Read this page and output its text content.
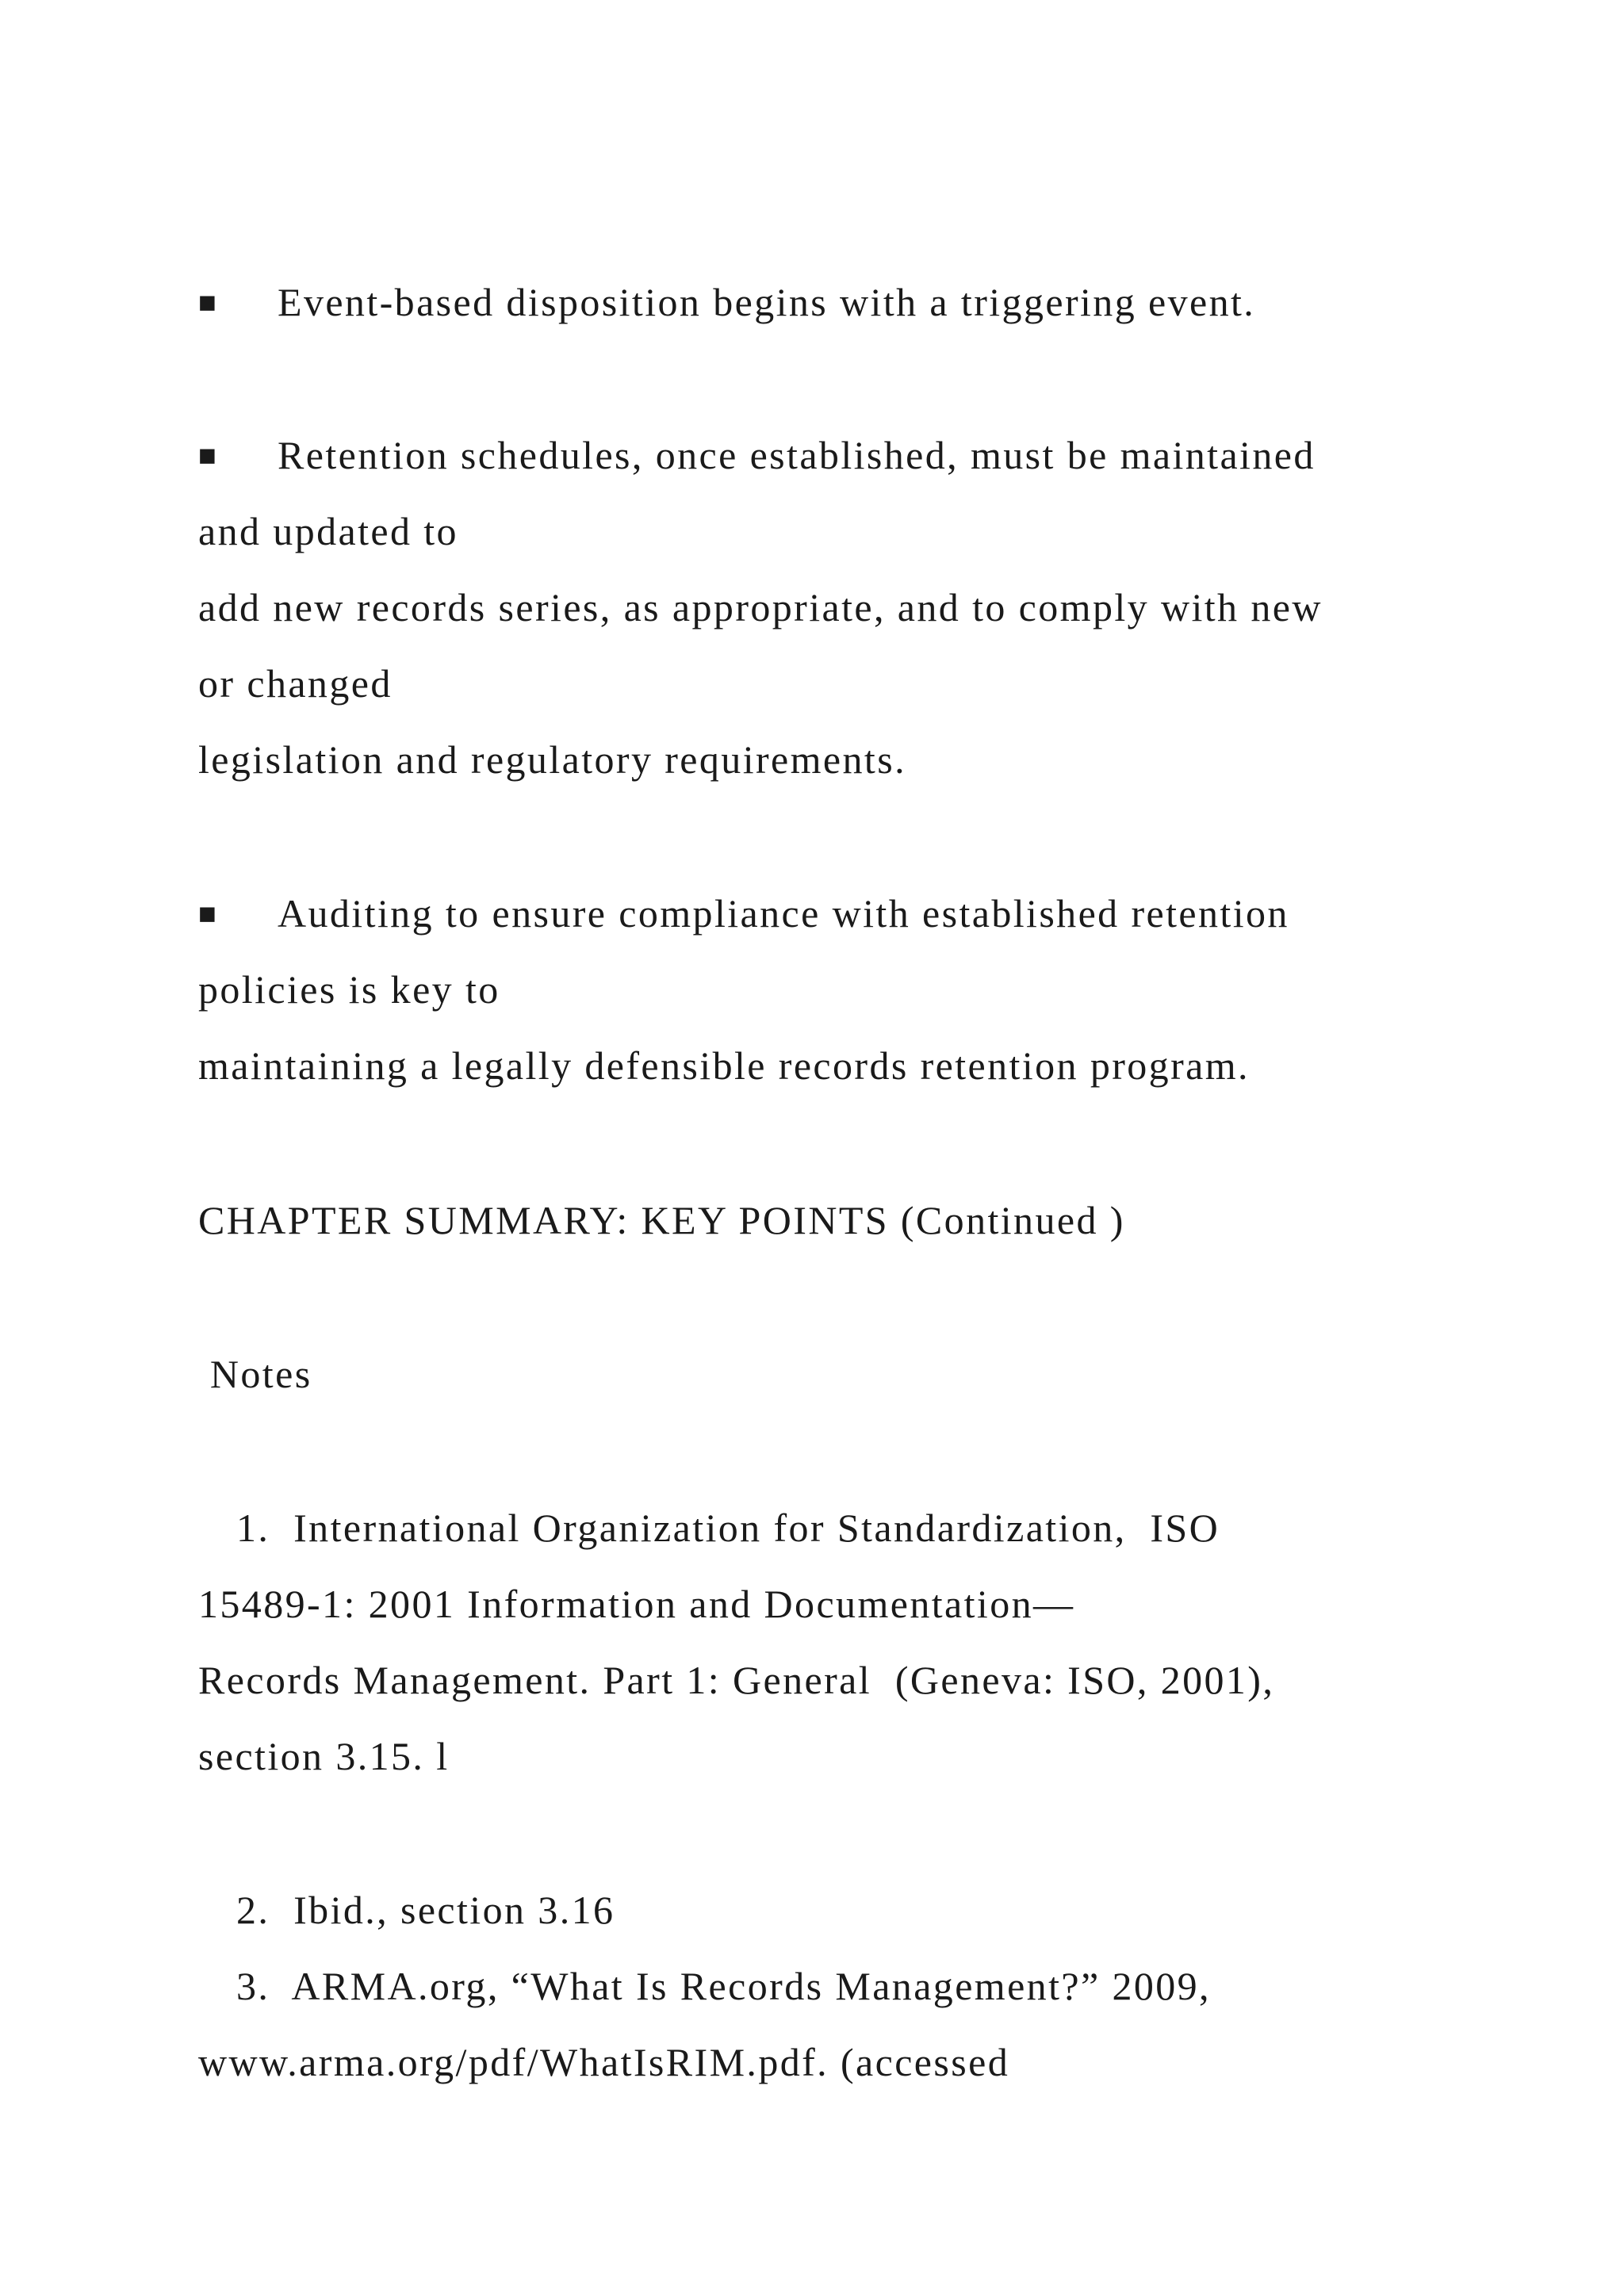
■ Event-based disposition begins with a triggering event.
■ Retention schedules, once established, must be maintained
and updated to
add new records series, as appropriate, and to comply with new
or changed
legislation and regulatory requirements.
■ Auditing to ensure compliance with established retention
policies is key to
maintaining a legally defensible records retention program.
CHAPTER SUMMARY: KEY POINTS (Continued )
Notes
1. International Organization for Standardization,  ISO
15489-1: 2001 Information and Documentation—
Records Management. Part 1: General  (Geneva: ISO, 2001),
section 3.15. l
2. Ibid., section 3.16
3. ARMA.org, “What Is Records Management?” 2009,
www.arma.org/pdf/WhatIsRIM.pdf. (accessed
